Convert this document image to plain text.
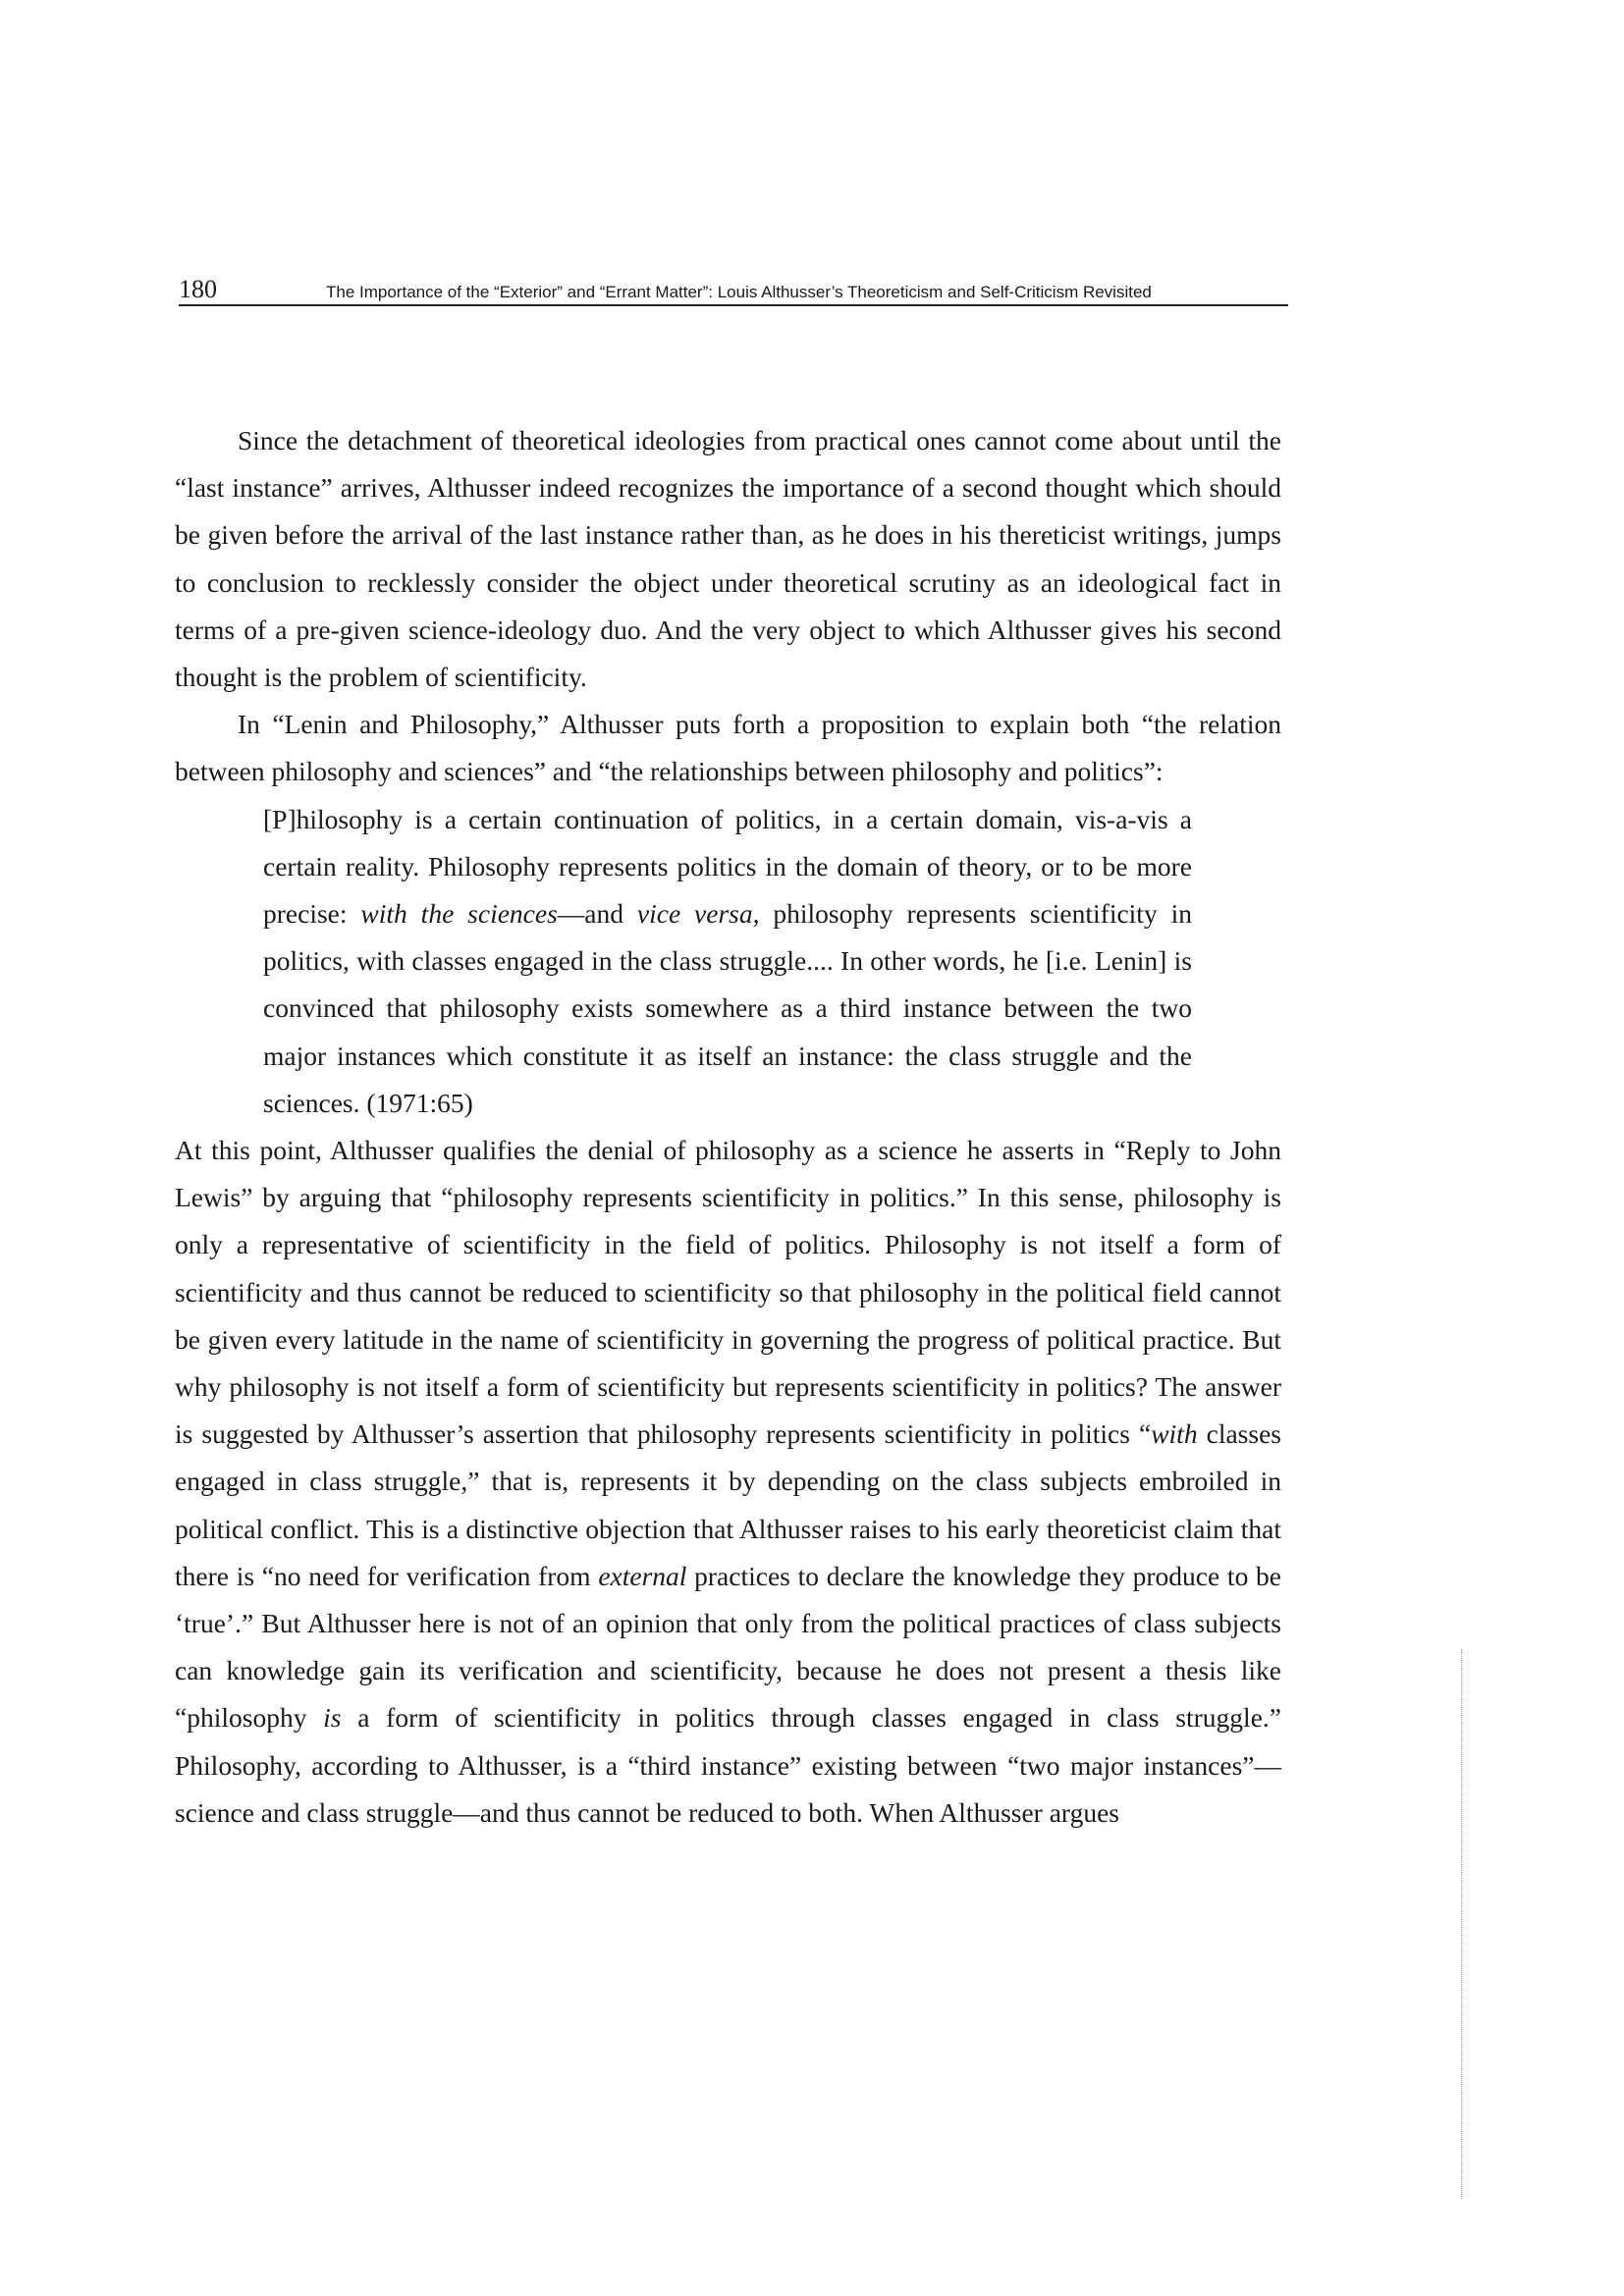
180	The Importance of the “Exterior” and “Errant Matter”: Louis Althusser’s Theoreticism and Self-Criticism Revisited

Since the detachment of theoretical ideologies from practical ones cannot come about until the “last instance” arrives, Althusser indeed recognizes the importance of a second thought which should be given before the arrival of the last instance rather than, as he does in his thereticist writings, jumps to conclusion to recklessly consider the object under theoretical scrutiny as an ideological fact in terms of a pre-given science-ideology duo. And the very object to which Althusser gives his second thought is the problem of scientificity.

In “Lenin and Philosophy,” Althusser puts forth a proposition to explain both “the relation between philosophy and sciences” and “the relationships between philosophy and politics”:

[P]hilosophy is a certain continuation of politics, in a certain domain, vis-a-vis a certain reality. Philosophy represents politics in the domain of theory, or to be more precise: with the sciences—and vice versa, philosophy represents scientificity in politics, with classes engaged in the class struggle.... In other words, he [i.e. Lenin] is convinced that philosophy exists somewhere as a third instance between the two major instances which constitute it as itself an instance: the class struggle and the sciences. (1971:65)

At this point, Althusser qualifies the denial of philosophy as a science he asserts in “Reply to John Lewis” by arguing that “philosophy represents scientificity in politics.” In this sense, philosophy is only a representative of scientificity in the field of politics. Philosophy is not itself a form of scientificity and thus cannot be reduced to scientificity so that philosophy in the political field cannot be given every latitude in the name of scientificity in governing the progress of political practice. But why philosophy is not itself a form of scientificity but represents scientificity in politics? The answer is suggested by Althusser’s assertion that philosophy represents scientificity in politics “with classes engaged in class struggle,” that is, represents it by depending on the class subjects embroiled in political conflict. This is a distinctive objection that Althusser raises to his early theoreticist claim that there is “no need for verification from external practices to declare the knowledge they produce to be ‘true’.” But Althusser here is not of an opinion that only from the political practices of class subjects can knowledge gain its verification and scientificity, because he does not present a thesis like “philosophy is a form of scientificity in politics through classes engaged in class struggle.” Philosophy, according to Althusser, is a “third instance” existing between “two major instances”—science and class struggle—and thus cannot be reduced to both. When Althusser argues
